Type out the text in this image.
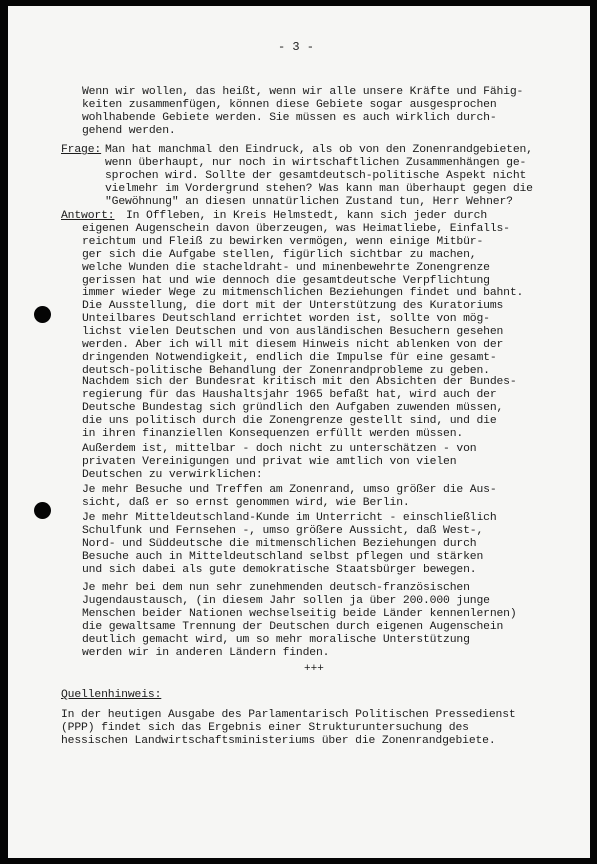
- 3 -
Wenn wir wollen, das heißt, wenn wir alle unsere Kräfte und Fähig-
keiten zusammenfügen, können diese Gebiete sogar ausgesprochen
wohlhabende Gebiete werden. Sie müssen es auch wirklich durch-
gehend werden.
Frage: Man hat manchmal den Eindruck, als ob von den Zonenrandgebieten,
wenn überhaupt, nur noch in wirtschaftlichen Zusammenhängen ge-
sprochen wird. Sollte der gesamtdeutsch-politische Aspekt nicht
vielmehr im Vordergrund stehen? Was kann man überhaupt gegen die
"Gewöhnung" an diesen unnatürlichen Zustand tun, Herr Wehner?
Antwort:	In Offleben, in Kreis Helmstedt, kann sich jeder durch
eigenen Augenschein davon überzeugen, was Heimatliebe, Einfalls-
reichtum und Fleiß zu bewirken vermögen, wenn einige Mitbür-
ger sich die Aufgabe stellen, figürlich sichtbar zu machen,
welche Wunden die stacheldraht- und minenbewehrte Zonengrenze
gerissen hat und wie dennoch die gesamtdeutsche Verpflichtung
immer wieder Wege zu mitmenschlichen Beziehungen findet und bahnt.
Die Ausstellung, die dort mit der Unterstützung des Kuratoriums
Unteilbares Deutschland errichtet worden ist, sollte von mög-
lichst vielen Deutschen und von ausländischen Besuchern gesehen
werden. Aber ich will mit diesem Hinweis nicht ablenken von der
dringenden Notwendigkeit, endlich die Impulse für eine gesamt-
deutsch-politische Behandlung der Zonenrandprobleme zu geben.
Nachdem sich der Bundesrat kritisch mit den Absichten der Bundes-
regierung für das Haushaltsjahr 1965 befaßt hat, wird auch der
Deutsche Bundestag sich gründlich den Aufgaben zuwenden müssen,
die uns politisch durch die Zonengrenze gestellt sind, und die
in ihren finanziellen Konsequenzen erfüllt werden müssen.
Außerdem ist, mittelbar - doch nicht zu unterschätzen - von
privaten Vereinigungen und privat wie amtlich von vielen
Deutschen zu verwirklichen:
Je mehr Besuche und Treffen am Zonenrand, umso größer die Aus-
sicht, daß er so ernst genommen wird, wie Berlin.
Je mehr Mitteldeutschland-Kunde im Unterricht - einschließlich
Schulfunk und Fernsehen -, umso größere Aussicht, daß West-,
Nord- und Süddeutsche die mitmenschlichen Beziehungen durch
Besuche auch in Mitteldeutschland selbst pflegen und stärken
und sich dabei als gute demokratische Staatsbürger bewegen.
Je mehr bei dem nun sehr zunehmenden deutsch-französischen
Jugendaustausch, (in diesem Jahr sollen ja über 200.000 junge
Menschen beider Nationen wechselseitig beide Länder kennenlernen)
die gewaltsame Trennung der Deutschen durch eigenen Augenschein
deutlich gemacht wird, um so mehr moralische Unterstützung
werden wir in anderen Ländern finden.
+++
Quellenhinweis:
In der heutigen Ausgabe des Parlamentarisch Politischen Pressedienst
(PPP) findet sich das Ergebnis einer Strukturuntersuchung des
hessischen Landwirtschaftsministeriums über die Zonenrandgebiete.
